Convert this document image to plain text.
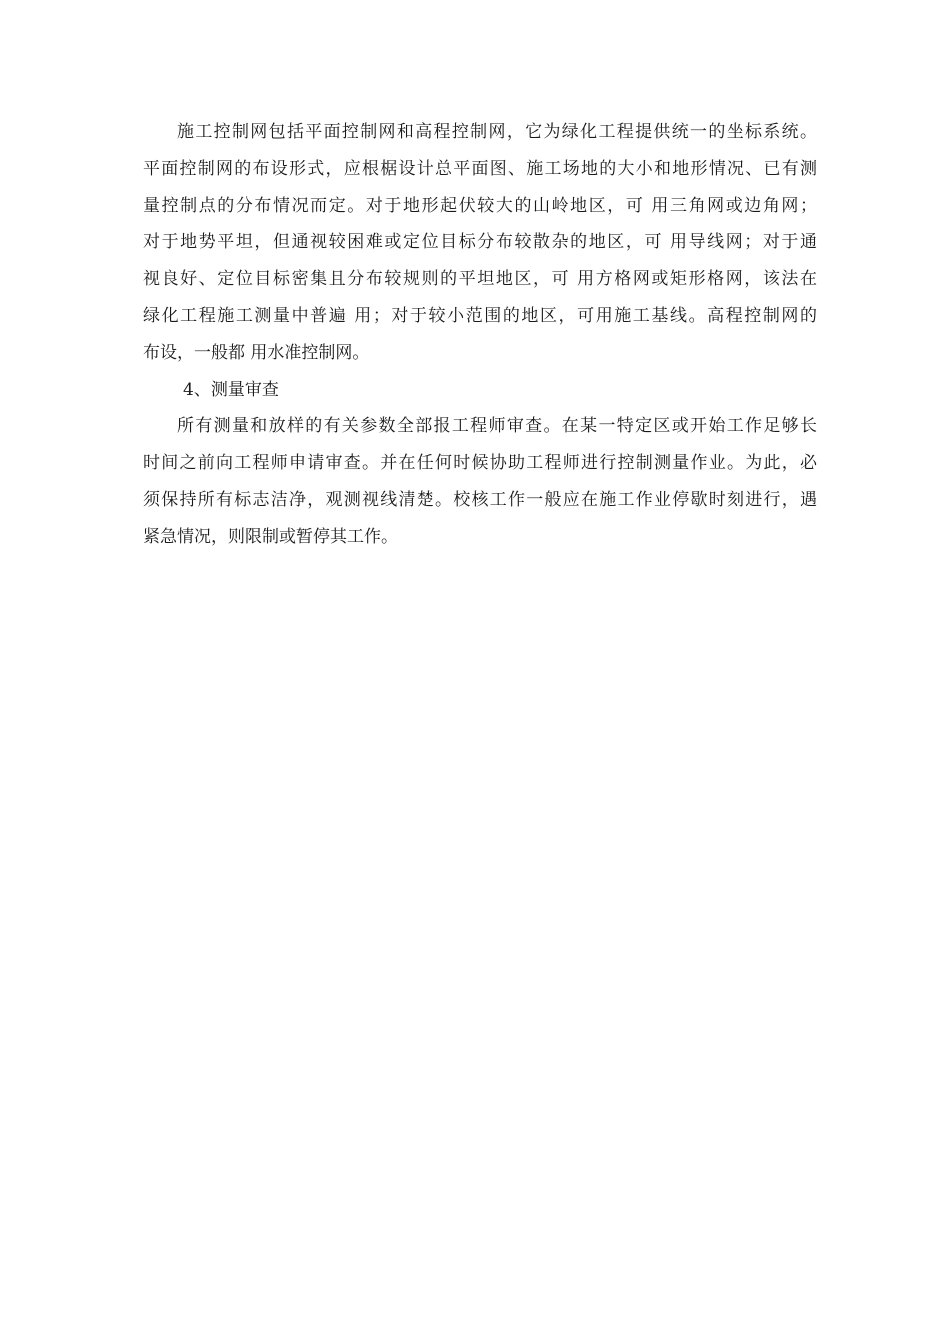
施工控制网包括平面控制网和高程控制网，它为绿化工程提供统一的坐标系统。
平面控制网的布设形式，应根椐设计总平面图、施工场地的大小和地形情况、已有测
量控制点的分布情况而定。对于地形起伏较大的山岭地区，可 用三角网或边角网；
对于地势平坦，但通视较困难或定位目标分布较散杂的地区，可 用导线网；对于通
视良好、定位目标密集且分布较规则的平坦地区，可 用方格网或矩形格网，该法在
绿化工程施工测量中普遍 用；对于较小范围的地区，可用施工基线。高程控制网的
布设，一般都 用水准控制网。
4、测量审查
所有测量和放样的有关参数全部报工程师审查。在某一特定区或开始工作足够长
时间之前向工程师申请审查。并在任何时候协助工程师进行控制测量作业。为此，必
须保持所有标志洁净，观测视线清楚。校核工作一般应在施工作业停歇时刻进行，遇
紧急情况，则限制或暂停其工作。
